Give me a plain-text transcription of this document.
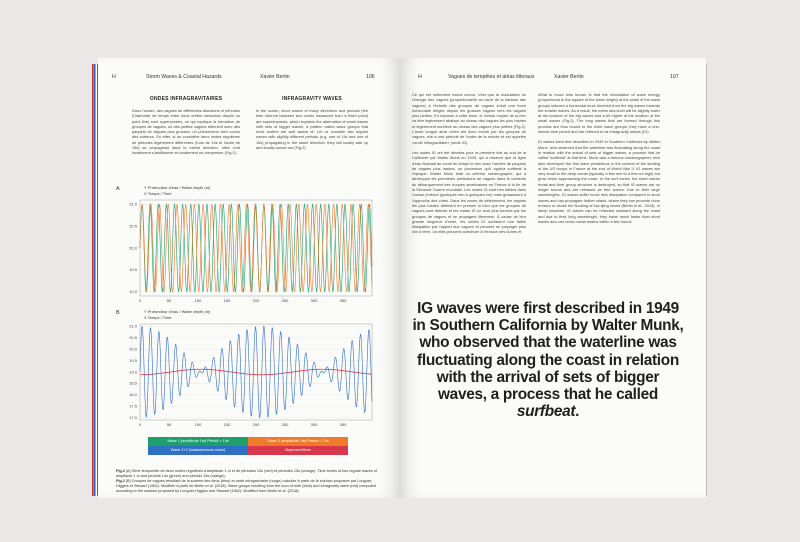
H	Storm Waves & Coastal Hazards	Xavier Bertin	106
ONDES INFRAGRAVITAIRES
Dans l'océan, des vagues de différentes directions et périodes (l'intervalle de temps entre deux crêtes mesurées depuis un point fixe) sont superposées, ce qui explique la formation de groupes de vagues, où des petites vagues alternent avec des paquets de vagues plus grosses, un phénomène bien connu des surfeurs. En effet, si on considère deux ondes régulières de périodes légèrement différentes (l'une de 14s et l'autre de 15s) se propageant dans la même direction, elles vont localement s'additionner et localement se compenser (Fig.2).
INFRAGRAVITY WAVES
In the ocean, short waves of many directions and periods (the time interval between two crests measured from a fixed point) are superimposed, which explains the alternation of small waves with sets of bigger waves, a pattern called wave groups that most surfers are well aware of. Let us consider two regular waves with slightly different periods (e.g. one of 14s and one of 15s) propagating in the same direction: they will locally add up and locally cancel out (Fig.2).
A	Y Profondeur d'eau / Water depth (m)
X Temps / Time
21.0
20.5
20.0
19.5
19.0
0	50	100	150	200	250	300	350
B	Y Profondeur d'eau / Water depth (m)
X Temps / Time
21.0
20.5
20.0
19.5
19.0
18.5
18.0
17.5
17.0
0	50	100	150	200	250	300	350
Wave 1 (amplitude 1m) Period = 14s	Wave 2 (amplitude 1m) Period = 15s
Wave 1+2 (instantaneous value)	Moyenne/Mean
Fig.2 [A] Série temporelle de deux ondes régulières d'amplitude 1 m et de périodes 14s (vert) et périodes 15s (orange). Time series of two regular waves of amplitude 1 m and periods 14s (green) and periods 15s (orange).
Fig.2 [B] Groupes de vagues résultant de la somme des deux (bleu) et onde infragravitaire (rouge) calculée à partir de la solution proposée par Longuet-Higgins et Stewart (1962). Modifiée à partir de Bertin et al. (2018). Wave groups resulting from the sum of both (blue) and infragravity wave (red) computed according to the solution proposed by Longuet-Higgins and Stewart (1962). Modified from Bertin et al. (2018).
H	Vagues de tempêtes et aléas littoraux	Xavier Bertin	107
Ce qui est nettement moins connu, c'est que la modulation de l'énergie des vagues (proportionnelle au carré de la hauteur des vagues) à l'échelle des groupes de vagues induit une force horizontale dirigée depuis les grosses vagues vers les vagues plus petites. En réponse à cette force, le niveau moyen de la mer va être légèrement abaissé au niveau des vagues les plus hautes et légèrement surélevé au niveau des vagues plus petites (Fig.2). L'onde longue ainsi créée est donc forcée par les groupes de vagues, elle a une période de l'ordre de la minute et est appelée «onde infragravitaire» (onde IG).
Les ondes IG ont été décrites pour la première fois au sud de la Californie par Walter Munk en 1949, qui a observé que la ligne d'eau fluctuait au cours du temps en lien avec l'arrivée de paquets de vagues plus hautes, un processus qu'il appela surfbeat à l'époque. Walter Munk était un célèbre océanographe, qui a développé les premières prédictions de vagues dans le contexte du débarquement des troupes américaines en France à la fin de la Seconde Guerre mondiale. Les ondes IG sont très faibles dans l'océan profond (quelques mm à quelques cm) mais grossissent à l'approche des côtes. Dans les zones de déferlement, les vagues les plus hautes déferlent en premier si bien que les groupes de vagues sont détruits et les ondes IG ne sont plus forcées par les groupes de vagues et se propagent librement. À cause de leur grande longueur d'onde, les ondes IG subissent une faible dissipation par rapport aux vagues et peuvent se propager plus loin à terre, où elles peuvent contribuer à l'érosion des dunes et
What is much less known is that the modulation of wave energy (proportional to the square of the wave height) at the scale of the wave groups induces a horizontal force directed from the big waves towards the smaller waves. As a result, the mean sea-level will be slightly lower at the location of the big waves and a bit higher at the location of the small waves (Fig.2). The long waves that are formed through this process are thus bound to the short wave groups; they have a one-minute time period and are referred to as infragravity waves (IG).
IG waves were first described in 1949 in Southern California by Walter Munk, who observed that the waterline was fluctuating along the coast in relation with the arrival of sets of bigger waves, a process that he called "surfbeat" at that time. Munk was a famous oceanographer, who also developed the first wave predictions in the context of the landing of the US troops in France at the end of World War II. IG waves are very small in the deep ocean (typically a few mm to a few cm high) but grow when approaching the coast. In the surf zones, the short waves break and their group structure is destroyed, so that IG waves are no longer bound and are released as free waves. Due to their large wavelengths, IG waves suffer much less dissipation compared to short waves and can propagate further inland, where they can promote dune erosion or cause the flooding of low-lying zones (Bertin et al., 2018). In steep beaches, IG waves can be reflected seaward along the coast and due to their long wavelength, they travel much faster than short waves and can cross ocean basins within a few hours/
IG waves were first described in 1949 in Southern California by Walter Munk, who observed that the waterline was fluctuating along the coast in relation with the arrival of sets of bigger waves, a process that he called surfbeat.
